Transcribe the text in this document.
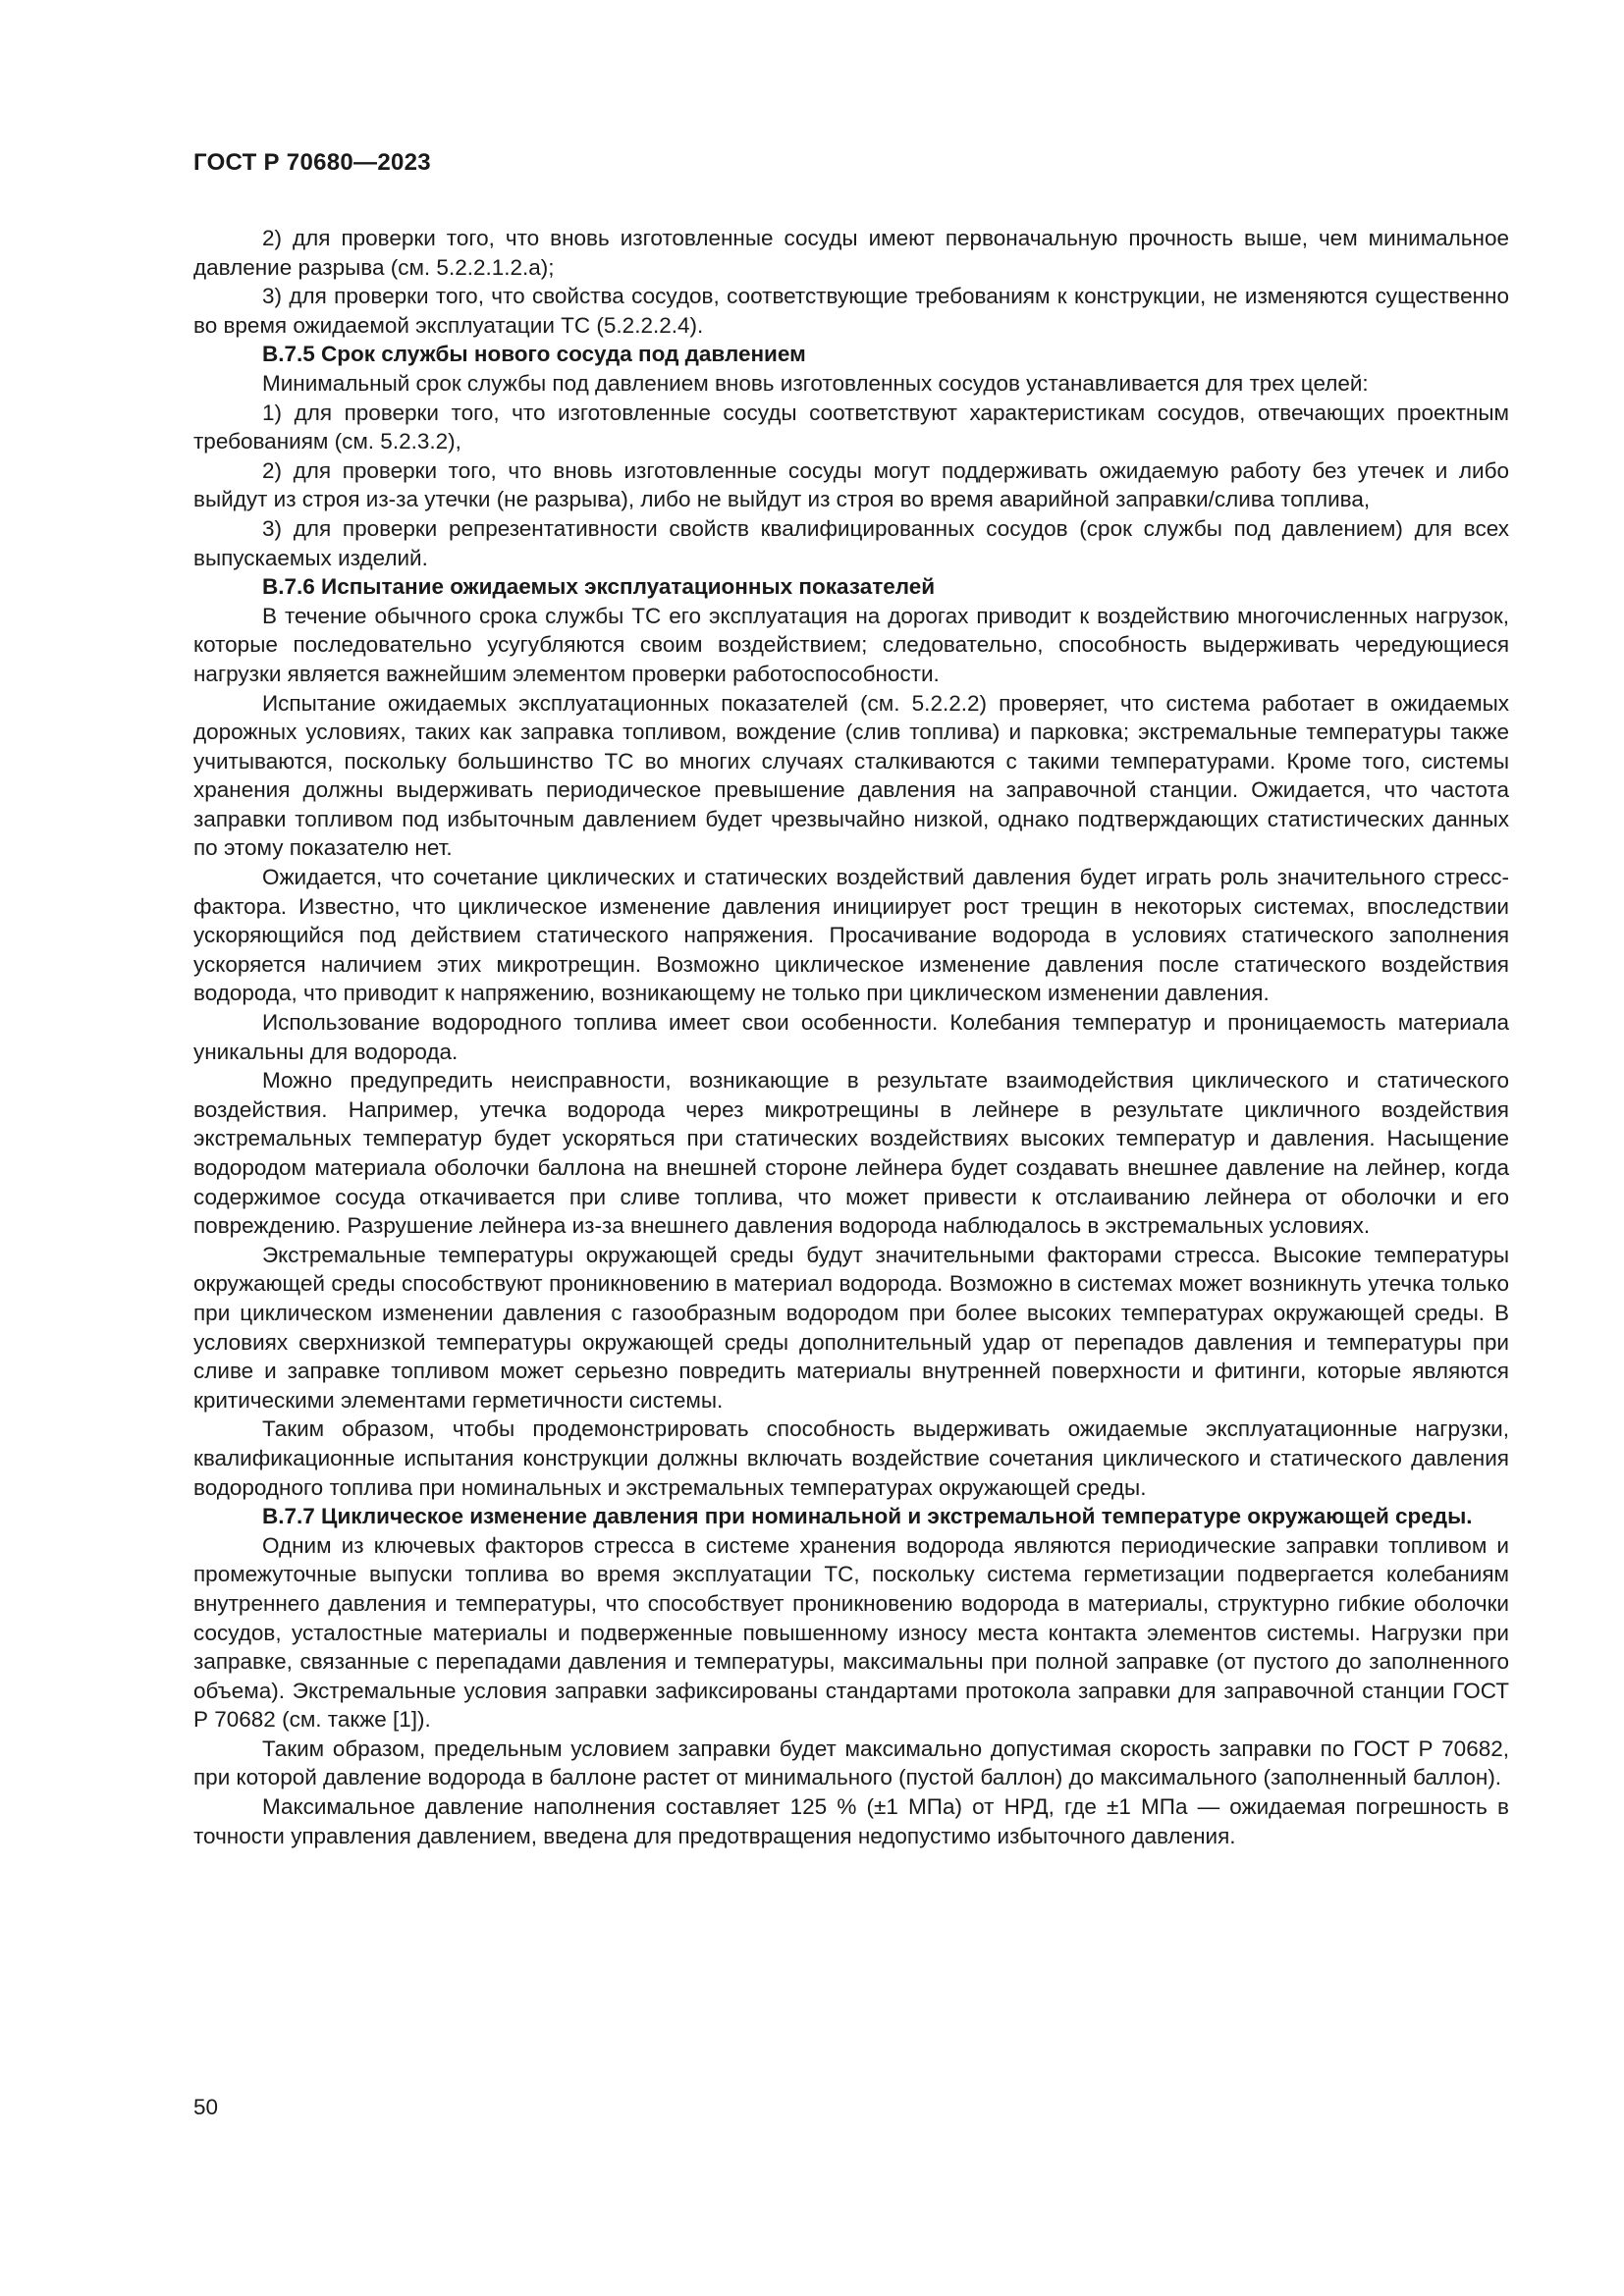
ГОСТ Р 70680—2023

2) для проверки того, что вновь изготовленные сосуды имеют первоначальную прочность выше, чем минимальное давление разрыва (см. 5.2.2.1.2.а);

3) для проверки того, что свойства сосудов, соответствующие требованиям к конструкции, не изменяются существенно во время ожидаемой эксплуатации ТС (5.2.2.2.4).

B.7.5 Срок службы нового сосуда под давлением

Минимальный срок службы под давлением вновь изготовленных сосудов устанавливается для трех целей:

1) для проверки того, что изготовленные сосуды соответствуют характеристикам сосудов, отвечающих проектным требованиям (см. 5.2.3.2),

2) для проверки того, что вновь изготовленные сосуды могут поддерживать ожидаемую работу без утечек и либо выйдут из строя из-за утечки (не разрыва), либо не выйдут из строя во время аварийной заправки/слива топлива,

3) для проверки репрезентативности свойств квалифицированных сосудов (срок службы под давлением) для всех выпускаемых изделий.

B.7.6 Испытание ожидаемых эксплуатационных показателей

В течение обычного срока службы ТС его эксплуатация на дорогах приводит к воздействию многочисленных нагрузок, которые последовательно усугубляются своим воздействием; следовательно, способность выдерживать чередующиеся нагрузки является важнейшим элементом проверки работоспособности.

Испытание ожидаемых эксплуатационных показателей (см. 5.2.2.2) проверяет, что система работает в ожидаемых дорожных условиях, таких как заправка топливом, вождение (слив топлива) и парковка; экстремальные температуры также учитываются, поскольку большинство ТС во многих случаях сталкиваются с такими температурами. Кроме того, системы хранения должны выдерживать периодическое превышение давления на заправочной станции. Ожидается, что частота заправки топливом под избыточным давлением будет чрезвычайно низкой, однако подтверждающих статистических данных по этому показателю нет.

Ожидается, что сочетание циклических и статических воздействий давления будет играть роль значительного стресс-фактора. Известно, что циклическое изменение давления инициирует рост трещин в некоторых системах, впоследствии ускоряющийся под действием статического напряжения. Просачивание водорода в условиях статического заполнения ускоряется наличием этих микротрещин. Возможно циклическое изменение давления после статического воздействия водорода, что приводит к напряжению, возникающему не только при циклическом изменении давления.

Использование водородного топлива имеет свои особенности. Колебания температур и проницаемость материала уникальны для водорода.

Можно предупредить неисправности, возникающие в результате взаимодействия циклического и статического воздействия. Например, утечка водорода через микротрещины в лейнере в результате цикличного воздействия экстремальных температур будет ускоряться при статических воздействиях высоких температур и давления. Насыщение водородом материала оболочки баллона на внешней стороне лейнера будет создавать внешнее давление на лейнер, когда содержимое сосуда откачивается при сливе топлива, что может привести к отслаиванию лейнера от оболочки и его повреждению. Разрушение лейнера из-за внешнего давления водорода наблюдалось в экстремальных условиях.

Экстремальные температуры окружающей среды будут значительными факторами стресса. Высокие температуры окружающей среды способствуют проникновению в материал водорода. Возможно в системах может возникнуть утечка только при циклическом изменении давления с газообразным водородом при более высоких температурах окружающей среды. В условиях сверхнизкой температуры окружающей среды дополнительный удар от перепадов давления и температуры при сливе и заправке топливом может серьезно повредить материалы внутренней поверхности и фитинги, которые являются критическими элементами герметичности системы.

Таким образом, чтобы продемонстрировать способность выдерживать ожидаемые эксплуатационные нагрузки, квалификационные испытания конструкции должны включать воздействие сочетания циклического и статического давления водородного топлива при номинальных и экстремальных температурах окружающей среды.

B.7.7 Циклическое изменение давления при номинальной и экстремальной температуре окружающей среды.

Одним из ключевых факторов стресса в системе хранения водорода являются периодические заправки топливом и промежуточные выпуски топлива во время эксплуатации ТС, поскольку система герметизации подвергается колебаниям внутреннего давления и температуры, что способствует проникновению водорода в материалы, структурно гибкие оболочки сосудов, усталостные материалы и подверженные повышенному износу места контакта элементов системы. Нагрузки при заправке, связанные с перепадами давления и температуры, максимальны при полной заправке (от пустого до заполненного объема). Экстремальные условия заправки зафиксированы стандартами протокола заправки для заправочной станции ГОСТ Р 70682 (см. также [1]).

Таким образом, предельным условием заправки будет максимально допустимая скорость заправки по ГОСТ Р 70682, при которой давление водорода в баллоне растет от минимального (пустой баллон) до максимального (заполненный баллон).

Максимальное давление наполнения составляет 125 % (±1 МПа) от НРД, где ±1 МПа — ожидаемая погрешность в точности управления давлением, введена для предотвращения недопустимо избыточного давления.

50
